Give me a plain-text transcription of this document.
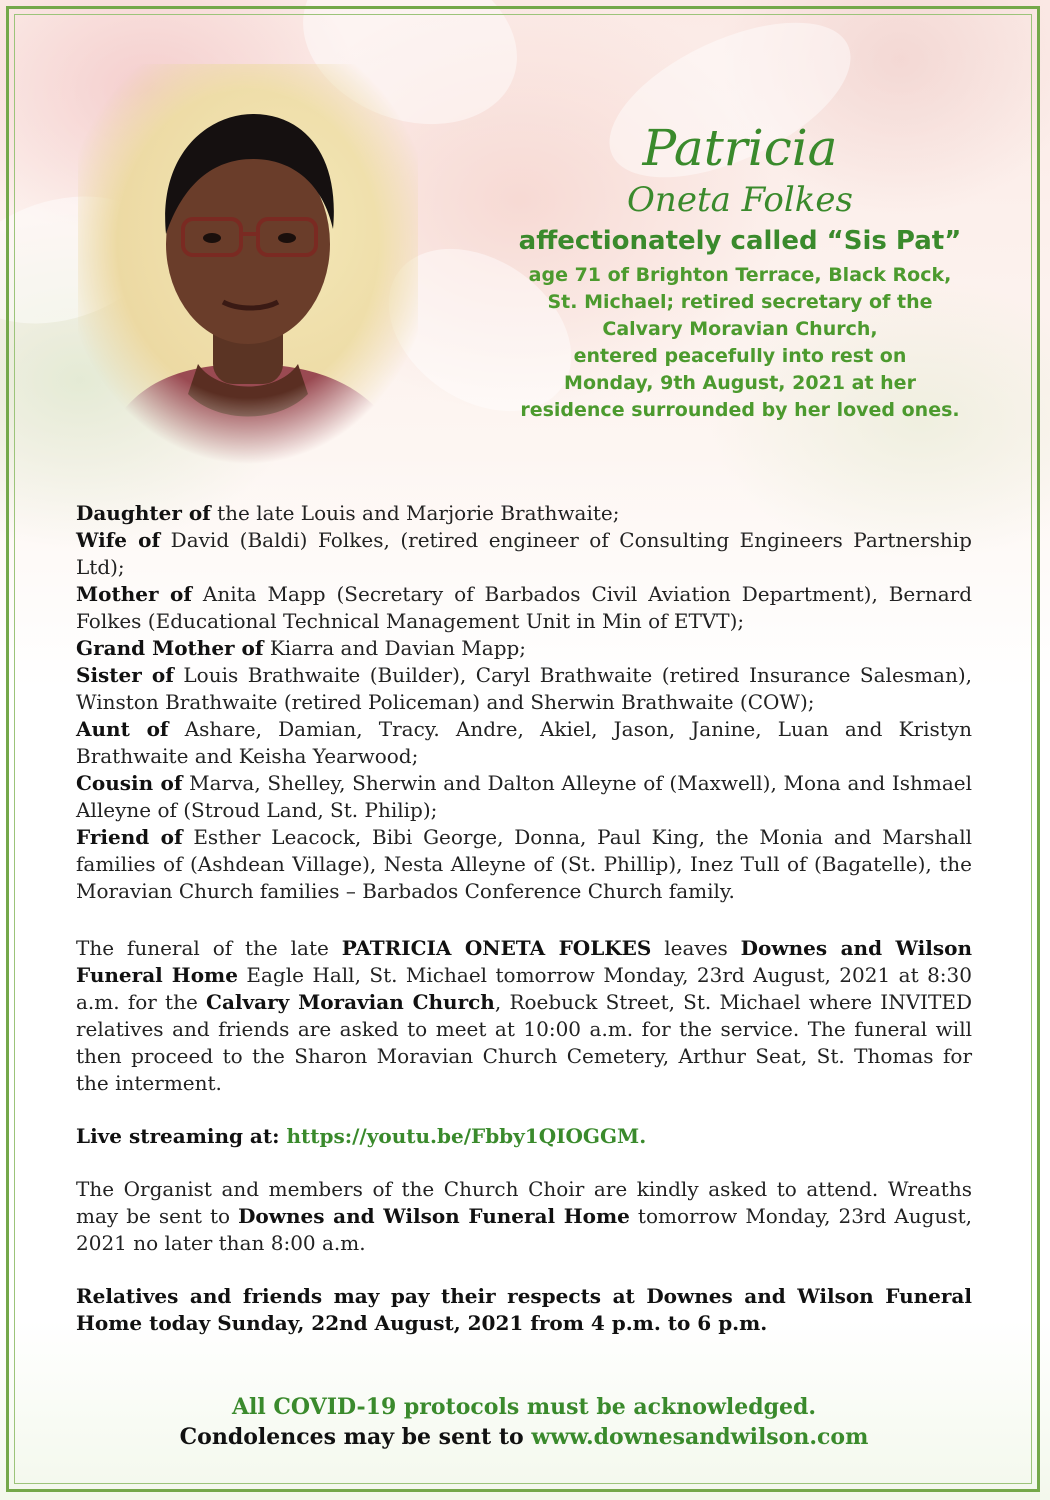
Patricia
Oneta Folkes
affectionately called “Sis Pat”
age 71 of Brighton Terrace, Black Rock,
St. Michael; retired secretary of the
Calvary Moravian Church,
entered peacefully into rest on
Monday, 9th August, 2021 at her
residence surrounded by her loved ones.

Daughter of the late Louis and Marjorie Brathwaite;

Wife of David (Baldi) Folkes, (retired engineer of Consulting Engineers Partnership Ltd);

Mother of Anita Mapp (Secretary of Barbados Civil Aviation Department), Bernard Folkes (Educational Technical Management Unit in Min of ETVT);

Grand Mother of Kiarra and Davian Mapp;

Sister of Louis Brathwaite (Builder), Caryl Brathwaite (retired Insurance Salesman), Winston Brathwaite (retired Policeman) and Sherwin Brathwaite (COW);

Aunt of Ashare, Damian, Tracy. Andre, Akiel, Jason, Janine, Luan and Kristyn Brathwaite and Keisha Yearwood;

Cousin of Marva, Shelley, Sherwin and Dalton Alleyne of (Maxwell), Mona and Ishmael Alleyne of (Stroud Land, St. Philip);

Friend of Esther Leacock, Bibi George, Donna, Paul King, the Monia and Marshall families of (Ashdean Village), Nesta Alleyne of (St. Phillip), Inez Tull of (Bagatelle), the Moravian Church families – Barbados Conference Church family.

The funeral of the late PATRICIA ONETA FOLKES leaves Downes and Wilson Funeral Home Eagle Hall, St. Michael tomorrow Monday, 23rd August, 2021 at 8:30 a.m. for the Calvary Moravian Church, Roebuck Street, St. Michael where INVITED relatives and friends are asked to meet at 10:00 a.m. for the service. The funeral will then proceed to the Sharon Moravian Church Cemetery, Arthur Seat, St. Thomas for the interment.

Live streaming at: https://youtu.be/Fbby1QIOGGM.

The Organist and members of the Church Choir are kindly asked to attend. Wreaths may be sent to Downes and Wilson Funeral Home tomorrow Monday, 23rd August, 2021 no later than 8:00 a.m.

Relatives and friends may pay their respects at Downes and Wilson Funeral Home today Sunday, 22nd August, 2021 from 4 p.m. to 6 p.m.
All COVID-19 protocols must be acknowledged.
Condolences may be sent to www.downesandwilson.com
